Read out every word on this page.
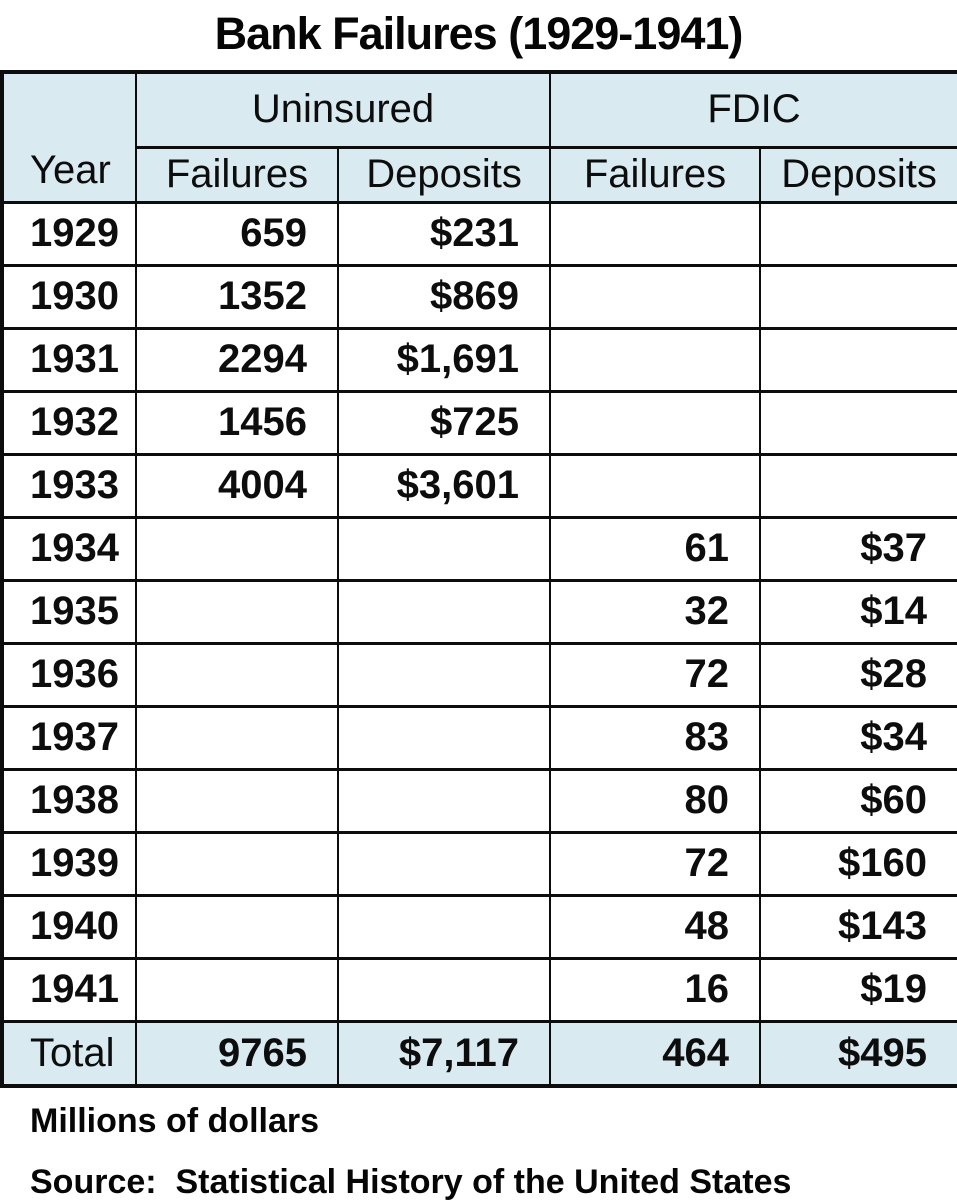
Bank Failures (1929-1941)
Year	Uninsured		FDIC	
	Failures	Deposits	Failures	Deposits
1929	659	$231		
1930	1352	$869		
1931	2294	$1,691		
1932	1456	$725		
1933	4004	$3,601		
1934			61	$37
1935			32	$14
1936			72	$28
1937			83	$34
1938			80	$60
1939			72	$160
1940			48	$143
1941			16	$19
Total	9765	$7,117	464	$495
Millions of dollars
Source:  Statistical History of the United States
